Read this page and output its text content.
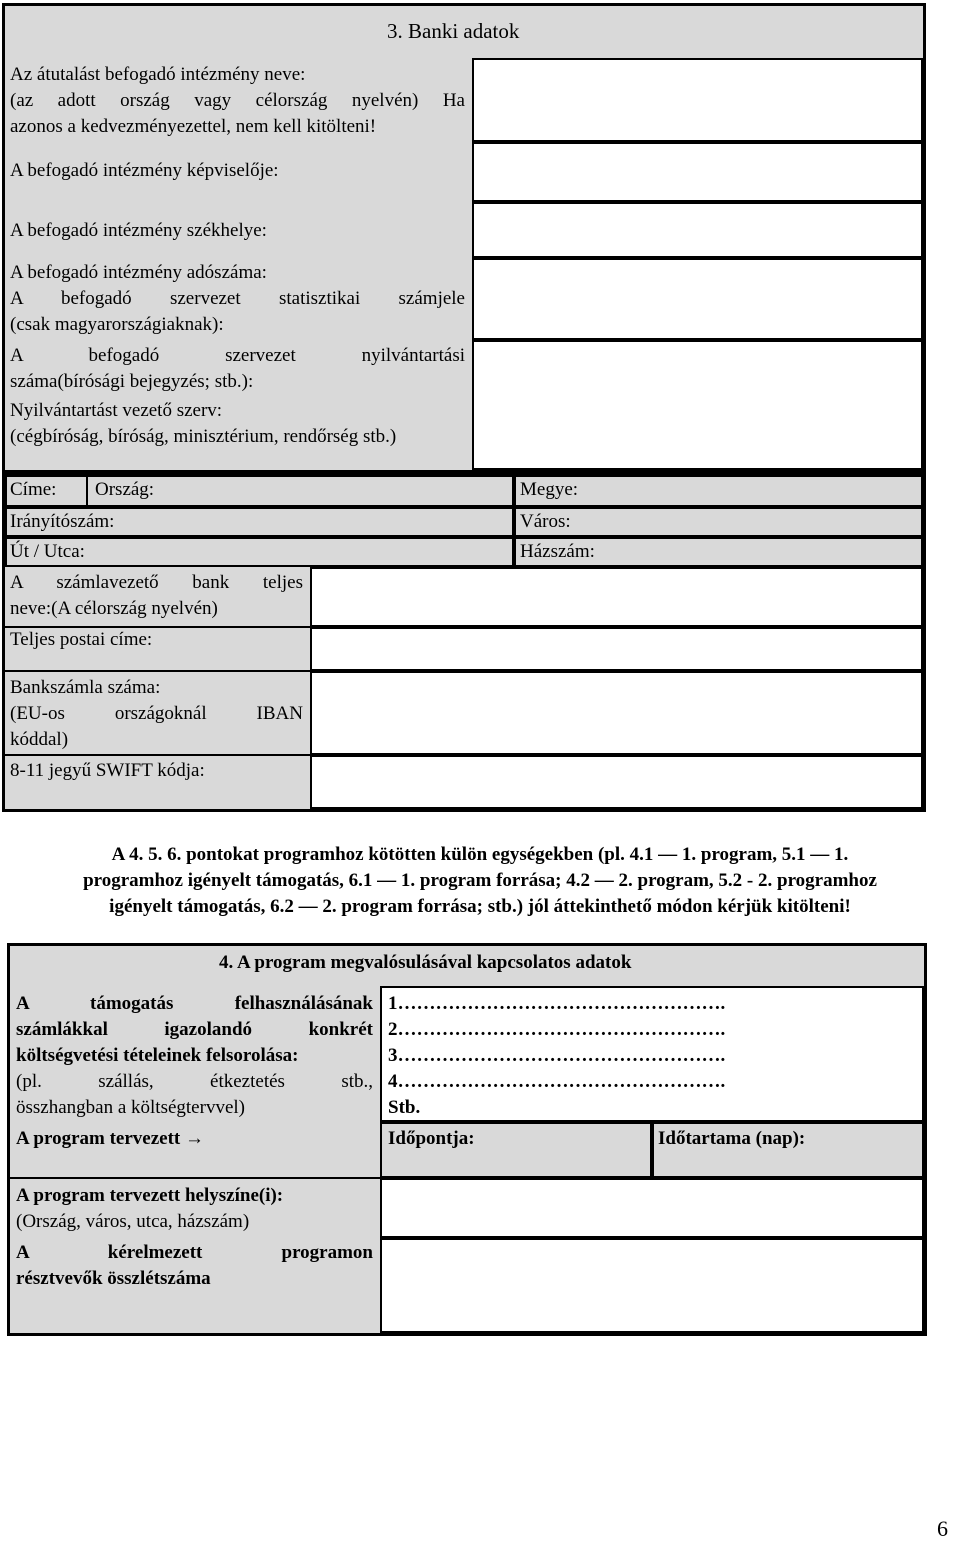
3. Banki adatok
Az átutalást befogadó intézmény neve:
(az adott ország vagy célország nyelvén) Ha
azonos a kedvezményezettel, nem kell kitölteni!
A befogadó intézmény képviselője:
A befogadó intézmény székhelye:
A befogadó intézmény adószáma:
A befogadó szervezet statisztikai számjele
(csak magyarországiaknak):
A befogadó szervezet nyilvántartási
száma(bírósági bejegyzés; stb.):
Nyilvántartást vezető szerv:
(cégbíróság, bíróság, minisztérium, rendőrség stb.)
Címe: Ország:	Megye:
Irányítószám:	Város:
Út / Utca:	Házszám:
A számlavezető bank teljes
neve:(A célország nyelvén)
Teljes postai címe:
Bankszámla száma:
(EU-os országoknál IBAN
kóddal)
8-11 jegyű SWIFT kódja:
A 4. 5. 6. pontokat programhoz kötötten külön egységekben (pl. 4.1 — 1. program, 5.1 — 1.
programhoz igényelt támogatás, 6.1 — 1. program forrása; 4.2 — 2. program, 5.2 - 2. programhoz
igényelt támogatás, 6.2 — 2. program forrása; stb.) jól áttekinthető módon kérjük kitölteni!
4. A program megvalósulásával kapcsolatos adatok
A támogatás felhasználásának
számlákkal igazolandó konkrét
költségvetési tételeinek felsorolása:
(pl. szállás, étkeztetés stb.,
összhangban a költségtervvel)
1…………………………………………….
2…………………………………………….
3…………………………………………….
4…………………………………………….
Stb.
A program tervezett →	Időpontja:	Időtartama (nap):
A program tervezett helyszíne(i):
(Ország, város, utca, házszám)
A kérelmezett programon
résztvevők összlétszáma
6
